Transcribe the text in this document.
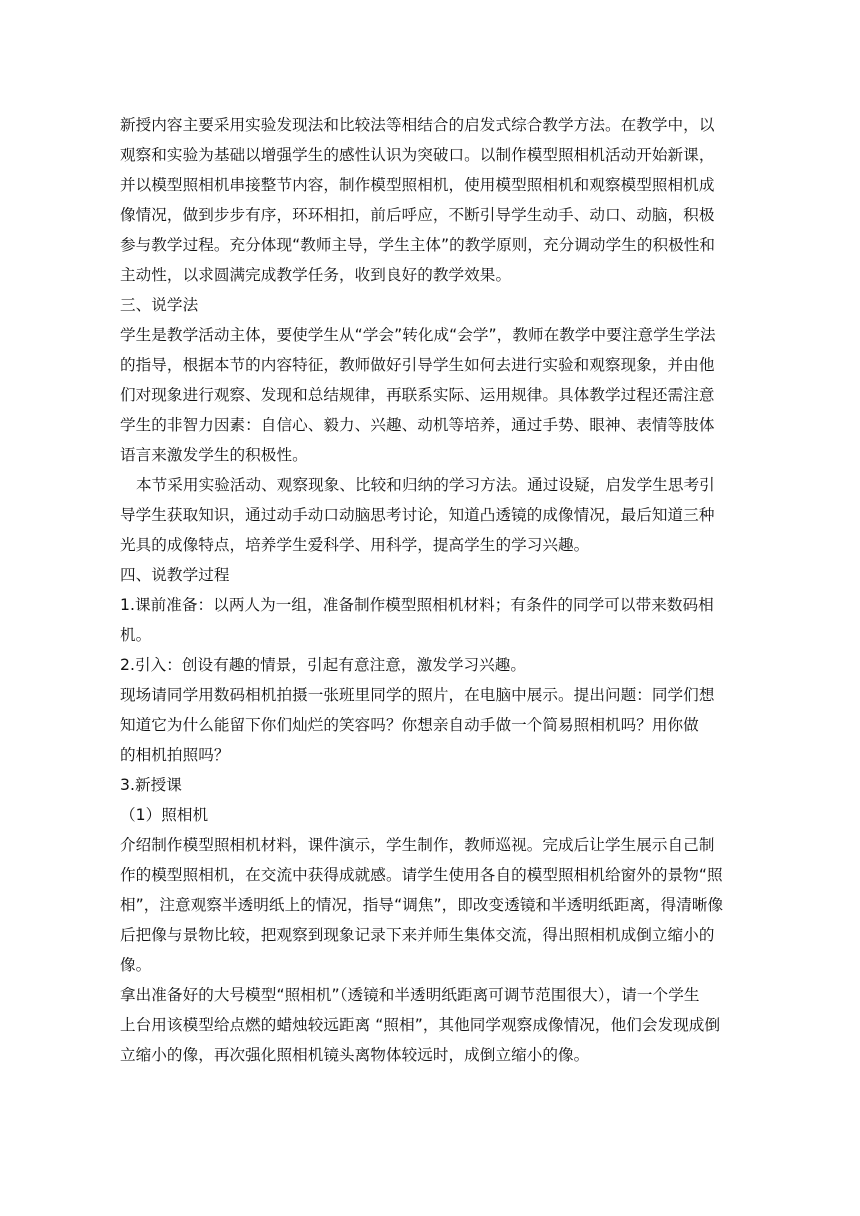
新授内容主要采用实验发现法和比较法等相结合的启发式综合教学方法。在教学中，以
观察和实验为基础以增强学生的感性认识为突破口。以制作模型照相机活动开始新课，
并以模型照相机串接整节内容，制作模型照相机，使用模型照相机和观察模型照相机成
像情况，做到步步有序，环环相扣，前后呼应，不断引导学生动手、动口、动脑，积极
参与教学过程。充分体现“教师主导，学生主体”的教学原则，充分调动学生的积极性和
主动性，以求圆满完成教学任务，收到良好的教学效果。
三、说学法
学生是教学活动主体，要使学生从“学会”转化成“会学”，教师在教学中要注意学生学法
的指导，根据本节的内容特征，教师做好引导学生如何去进行实验和观察现象，并由他
们对现象进行观察、发现和总结规律，再联系实际、运用规律。具体教学过程还需注意
学生的非智力因素：自信心、毅力、兴趣、动机等培养，通过手势、眼神、表情等肢体
语言来激发学生的积极性。
本节采用实验活动、观察现象、比较和归纳的学习方法。通过设疑，启发学生思考引
导学生获取知识，通过动手动口动脑思考讨论，知道凸透镜的成像情况，最后知道三种
光具的成像特点，培养学生爱科学、用科学，提高学生的学习兴趣。
四、说教学过程
1.课前准备：以两人为一组，准备制作模型照相机材料；有条件的同学可以带来数码相
机。
2.引入：创设有趣的情景，引起有意注意，激发学习兴趣。
现场请同学用数码相机拍摄一张班里同学的照片，在电脑中展示。提出问题：同学们想
知道它为什么能留下你们灿烂的笑容吗？你想亲自动手做一个简易照相机吗？用你做
的相机拍照吗？
3.新授课
（1）照相机
介绍制作模型照相机材料，课件演示，学生制作，教师巡视。完成后让学生展示自己制
作的模型照相机，在交流中获得成就感。请学生使用各自的模型照相机给窗外的景物“照
相”，注意观察半透明纸上的情况，指导“调焦”，即改变透镜和半透明纸距离，得清晰像
后把像与景物比较，把观察到现象记录下来并师生集体交流，得出照相机成倒立缩小的
像。
拿出准备好的大号模型“照相机”（透镜和半透明纸距离可调节范围很大），请一个学生
上台用该模型给点燃的蜡烛较远距离 “照相”，其他同学观察成像情况，他们会发现成倒
立缩小的像，再次强化照相机镜头离物体较远时，成倒立缩小的像。
